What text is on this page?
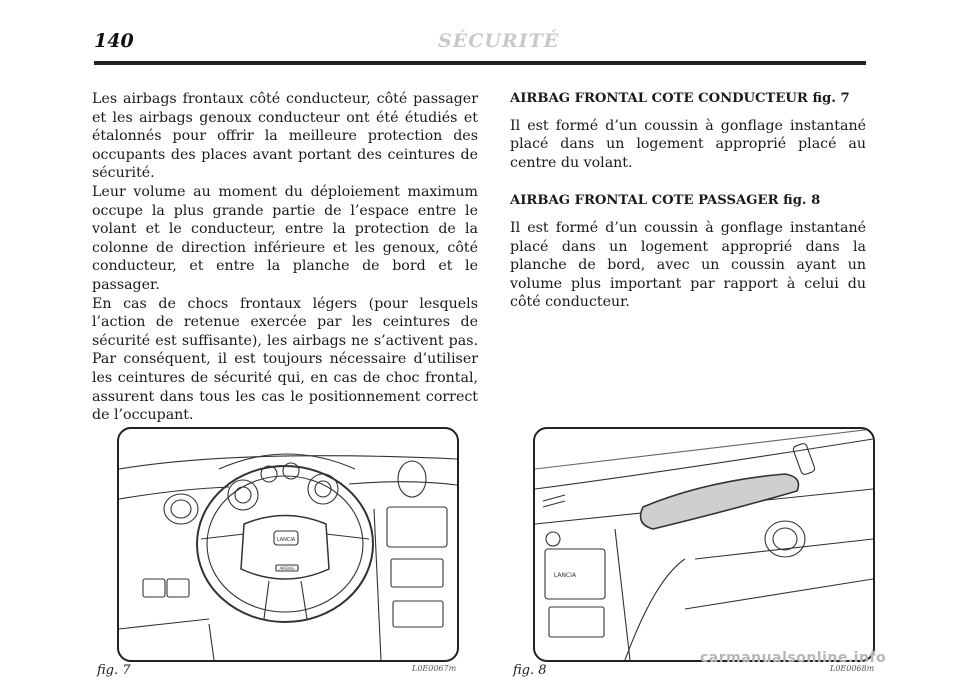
140	SÉCURITÉ

Les airbags frontaux côté conducteur, côté passager et les airbags genoux conducteur ont été étudiés et étalonnés pour offrir la meilleure protection des occupants des places avant portant des ceintures de sécurité.

Leur volume au moment du déploiement maximum occupe la plus grande partie de l’espace entre le volant et le conducteur, entre la protection de la colonne de direction inférieure et les genoux, côté conducteur, et entre la planche de bord et le passager.

En cas de chocs frontaux légers (pour lesquels l’action de retenue exercée par les ceintures de sécurité est suffisante), les airbags ne s’activent pas. Par conséquent, il est toujours nécessaire d’utiliser les ceintures de sécurité qui, en cas de choc frontal, assurent dans tous les cas le positionnement correct de l’occupant.

AIRBAG FRONTAL COTE CONDUCTEUR fig. 7

Il est formé d’un coussin à gonflage instantané placé dans un logement approprié placé au centre du volant.

AIRBAG FRONTAL COTE PASSAGER fig. 8

Il est formé d’un coussin à gonflage instantané placé dans un logement approprié dans la planche de bord, avec un coussin ayant un volume plus important par rapport à celui du côté conducteur.

LANCIA
AIRBAG
fig. 7	L0E0067m
LANCIA
fig. 8	L0E0068m
carmanualsonline.info
